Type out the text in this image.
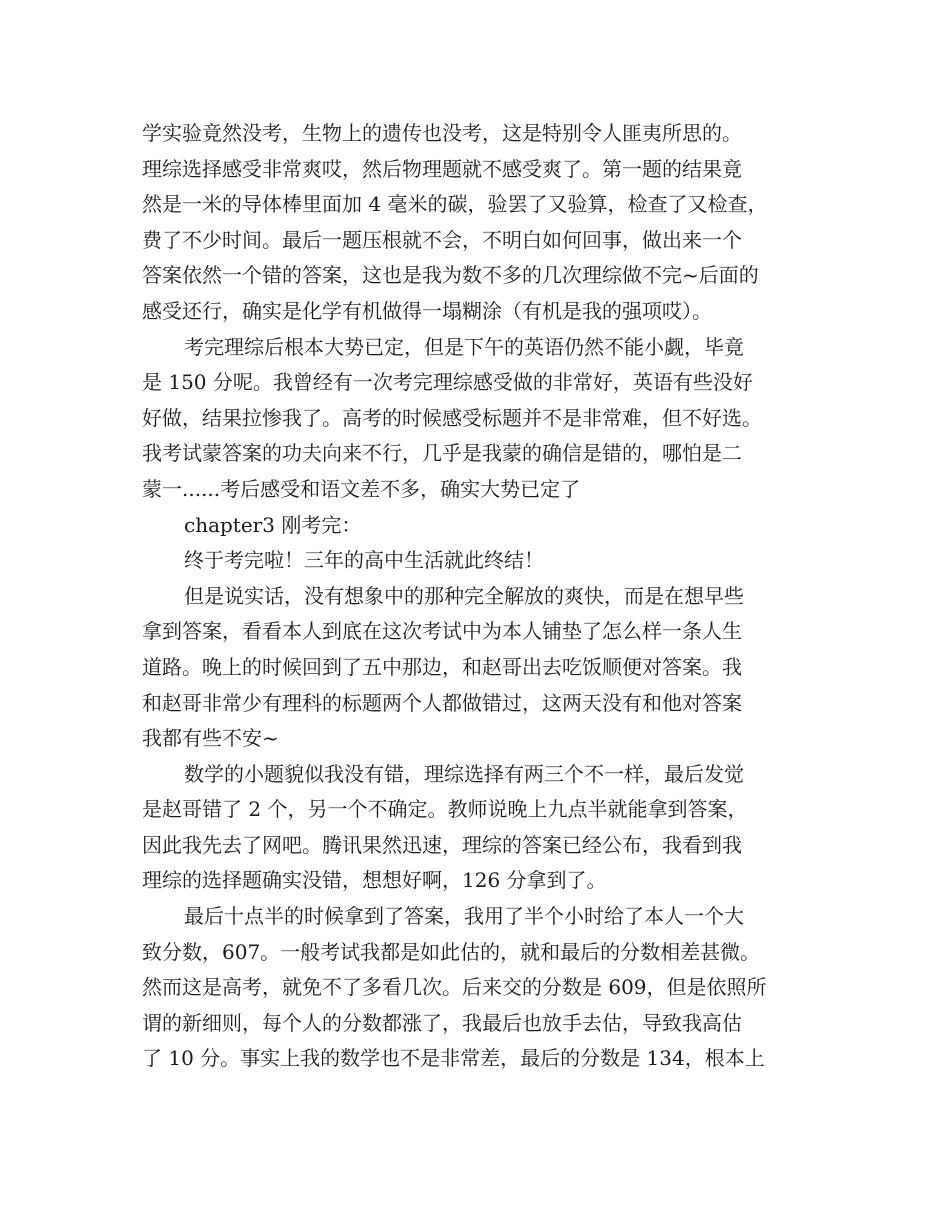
学实验竟然没考，生物上的遗传也没考，这是特别令人匪夷所思的。
理综选择感受非常爽哎，然后物理题就不感受爽了。第一题的结果竟
然是一米的导体棒里面加 4 毫米的碳，验罢了又验算，检查了又检查，
费了不少时间。最后一题压根就不会，不明白如何回事，做出来一个
答案依然一个错的答案，这也是我为数不多的几次理综做不完~后面的
感受还行，确实是化学有机做得一塌糊涂（有机是我的强项哎）。
考完理综后根本大势已定，但是下午的英语仍然不能小觑，毕竟
是 150 分呢。我曾经有一次考完理综感受做的非常好，英语有些没好
好做，结果拉惨我了。高考的时候感受标题并不是非常难，但不好选。
我考试蒙答案的功夫向来不行，几乎是我蒙的确信是错的，哪怕是二
蒙一......考后感受和语文差不多，确实大势已定了
chapter3 刚考完：
终于考完啦！三年的高中生活就此终结！
但是说实话，没有想象中的那种完全解放的爽快，而是在想早些
拿到答案，看看本人到底在这次考试中为本人铺垫了怎么样一条人生
道路。晚上的时候回到了五中那边，和赵哥出去吃饭顺便对答案。我
和赵哥非常少有理科的标题两个人都做错过，这两天没有和他对答案
我都有些不安~
数学的小题貌似我没有错，理综选择有两三个不一样，最后发觉
是赵哥错了 2 个，另一个不确定。教师说晚上九点半就能拿到答案，
因此我先去了网吧。腾讯果然迅速，理综的答案已经公布，我看到我
理综的选择题确实没错，想想好啊，126 分拿到了。
最后十点半的时候拿到了答案，我用了半个小时给了本人一个大
致分数，607。一般考试我都是如此估的，就和最后的分数相差甚微。
然而这是高考，就免不了多看几次。后来交的分数是 609，但是依照所
谓的新细则，每个人的分数都涨了，我最后也放手去估，导致我高估
了 10 分。事实上我的数学也不是非常差，最后的分数是 134，根本上
